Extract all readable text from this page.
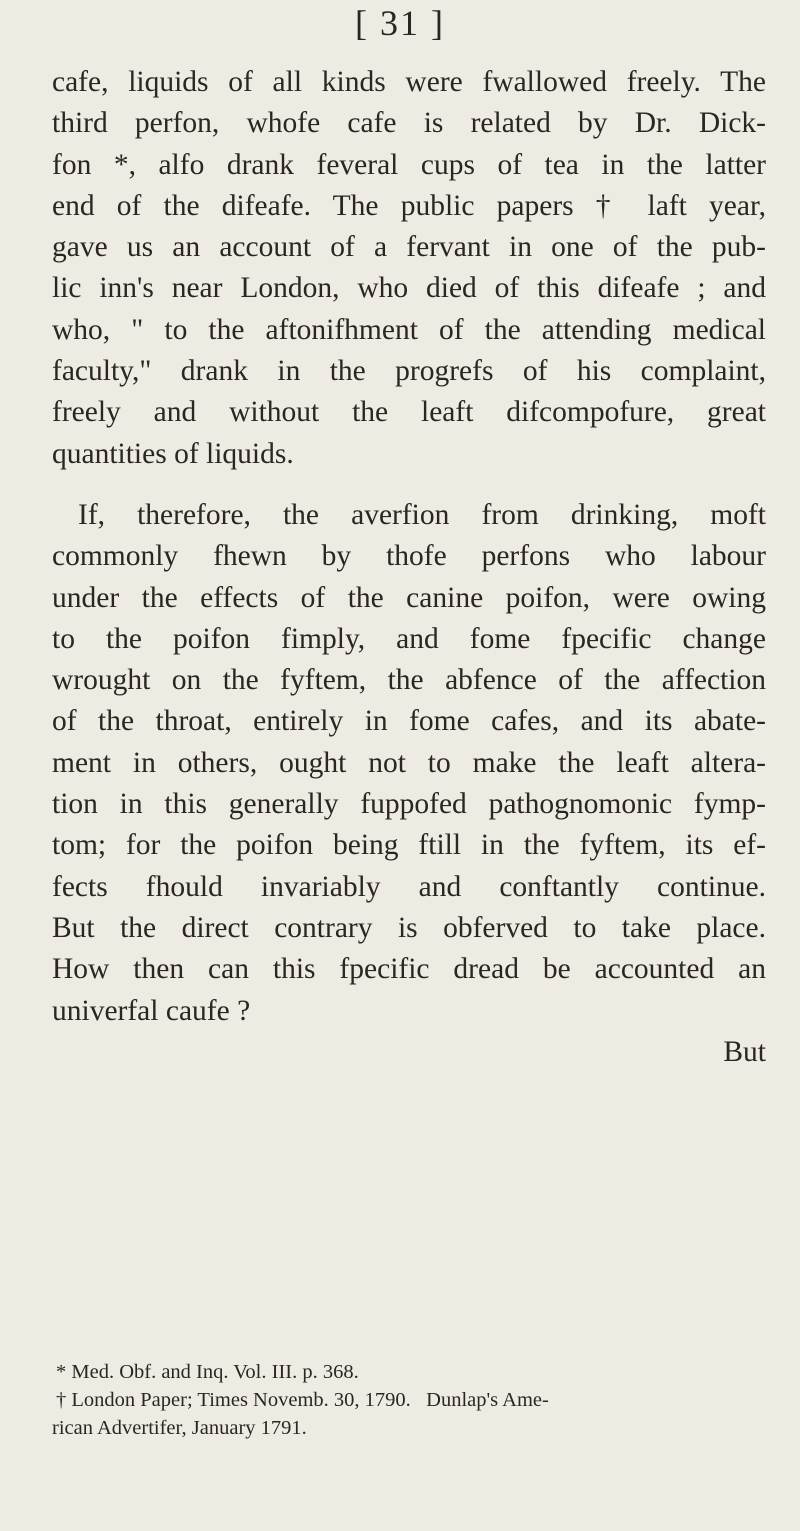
[ 31 ]
cafe, liquids of all kinds were fwallowed freely. The
third perfon, whofe cafe is related by Dr. Dick-
fon *, alfo drank feveral cups of tea in the latter
end of the difeafe. The public papers † laft year,
gave us an account of a fervant in one of the pub-
lic inn's near London, who died of this difeafe ; and
who, " to the aftonifhment of the attending medical
faculty," drank in the progrefs of his complaint,
freely and without the leaft difcompofure, great
quantities of liquids.
If, therefore, the averfion from drinking, moft
commonly fhewn by thofe perfons who labour
under the effects of the canine poifon, were owing
to the poifon fimply, and fome fpecific change
wrought on the fyftem, the abfence of the affection
of the throat, entirely in fome cafes, and its abate-
ment in others, ought not to make the leaft altera-
tion in this generally fuppofed pathognomonic fymp-
tom; for the poifon being ftill in the fyftem, its ef-
fects fhould invariably and conftantly continue.
But the direct contrary is obferved to take place.
How then can this fpecific dread be accounted an
univerfal caufe ?
But
* Med. Obf. and Inq. Vol. III. p. 368.
† London Paper; Times Novemb. 30, 1790.   Dunlap's Ame-
rican Advertifer, January 1791.
